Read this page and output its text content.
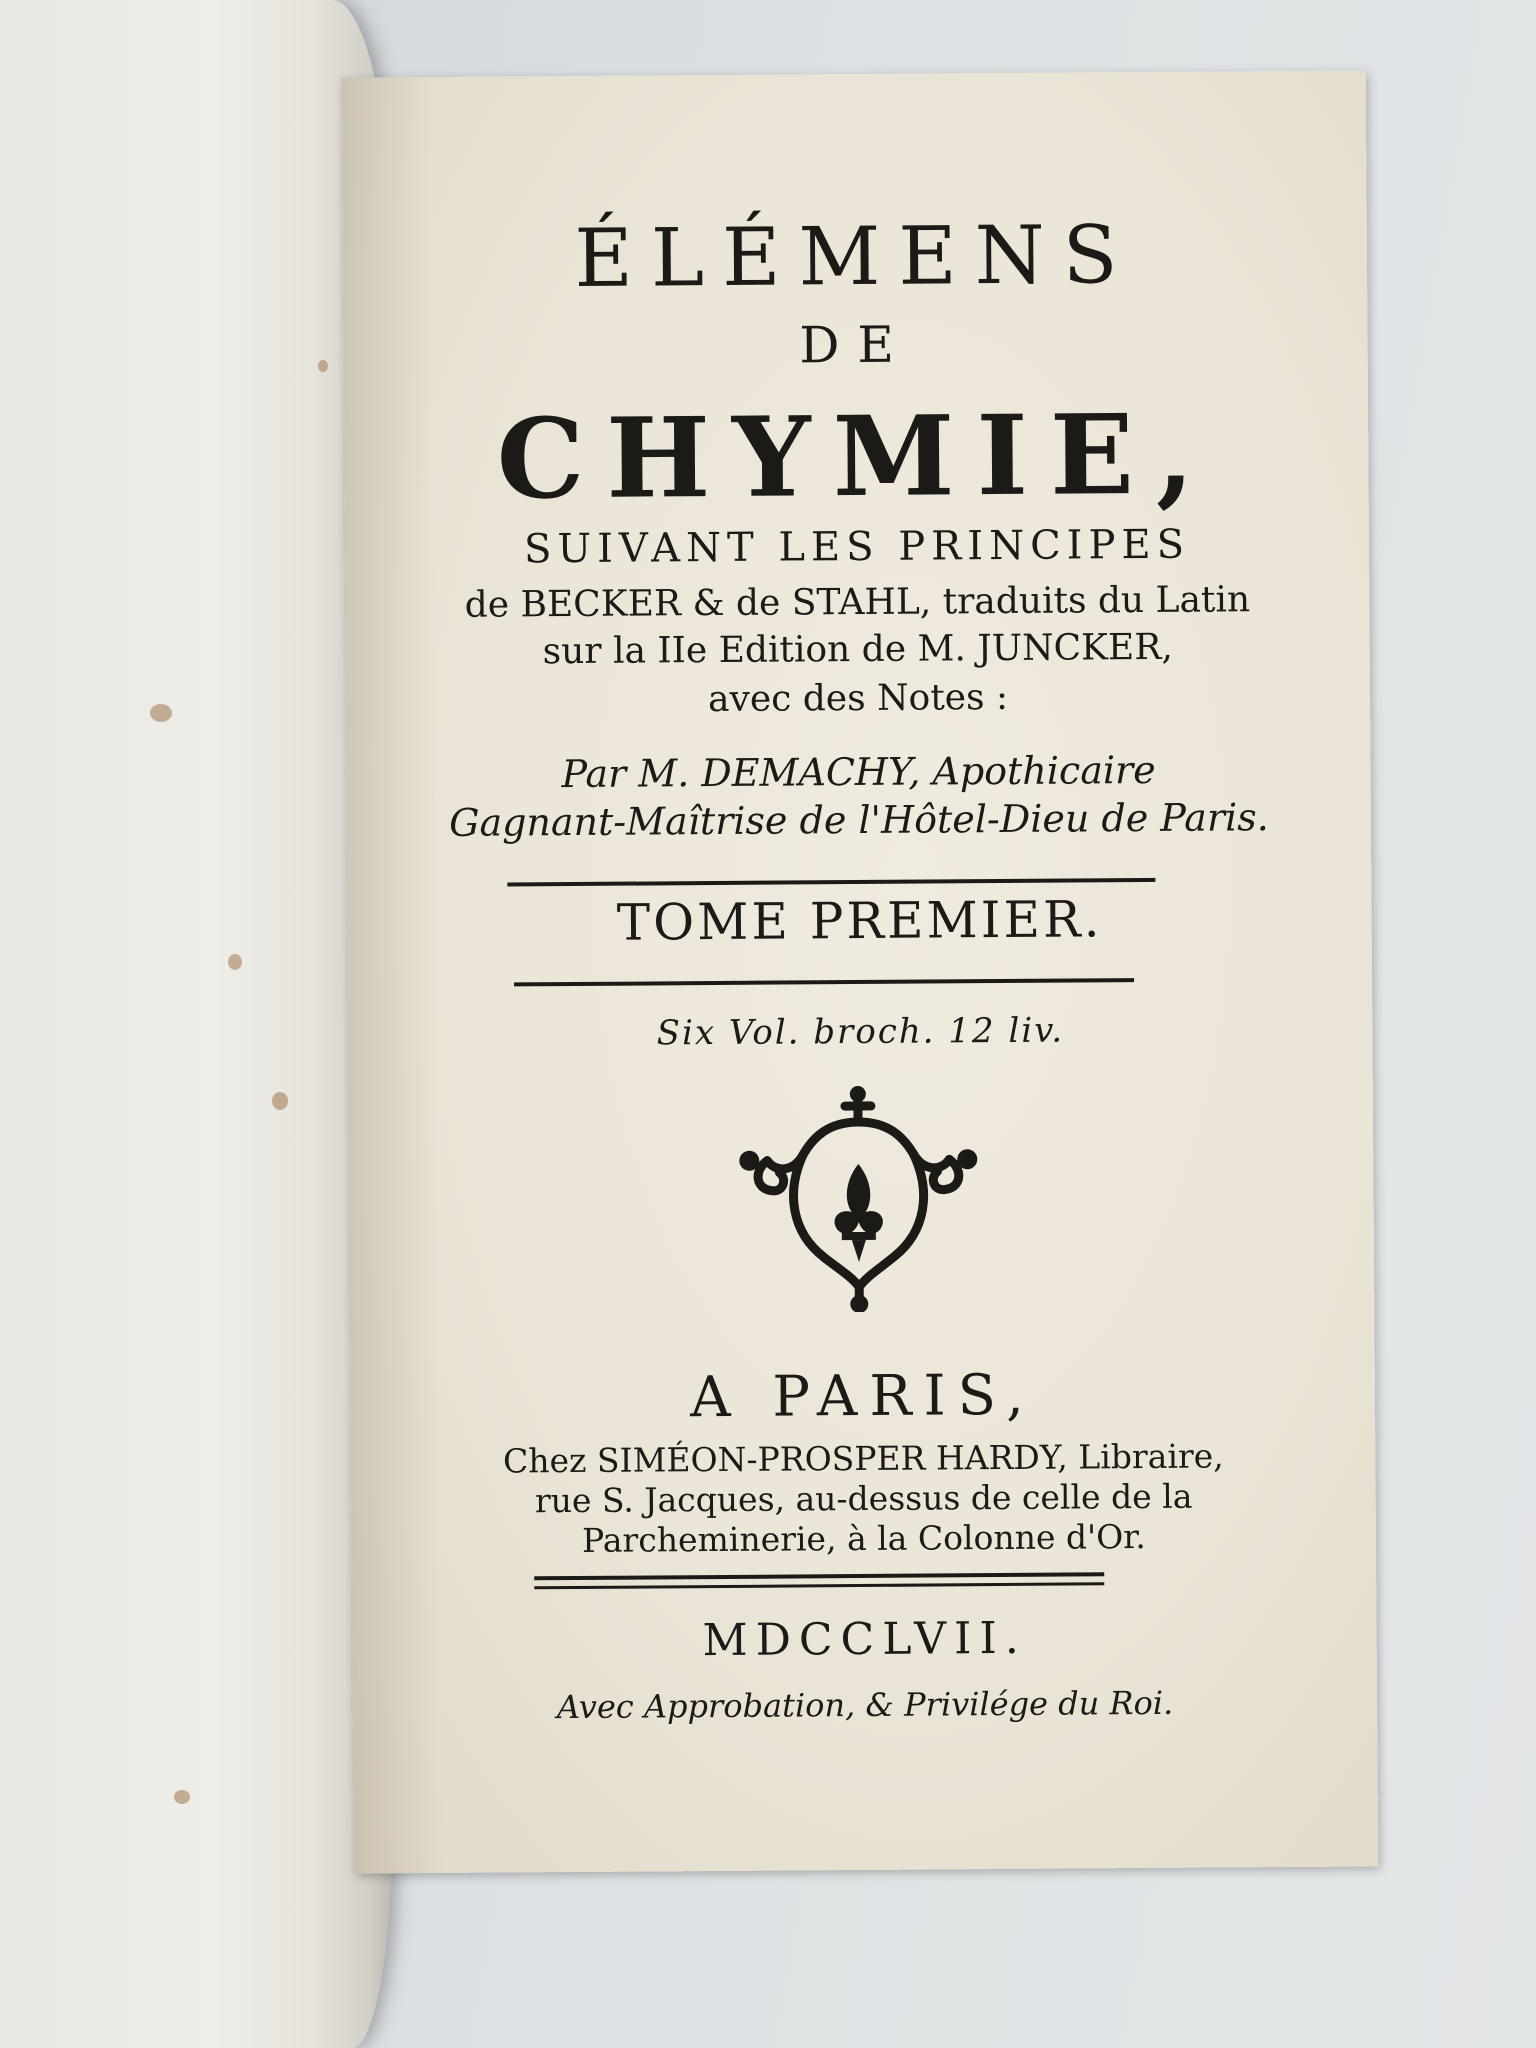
ÉLÉMENS
DE
CHYMIE,
SUIVANT LES PRINCIPES
de BECKER & de STAHL, traduits du Latin
sur la IIe Edition de M. JUNCKER,
avec des Notes :
Par M. DEMACHY, Apothicaire
Gagnant-Maîtrise de l'Hôtel-Dieu de Paris.
TOME PREMIER.
Six Vol. broch. 12 liv.
A PARIS,
Chez SIMÉON-PROSPER HARDY, Libraire,
rue S. Jacques, au-dessus de celle de la
Parcheminerie, à la Colonne d'Or.
MDCCLVII.
Avec Approbation, & Privilége du Roi.
